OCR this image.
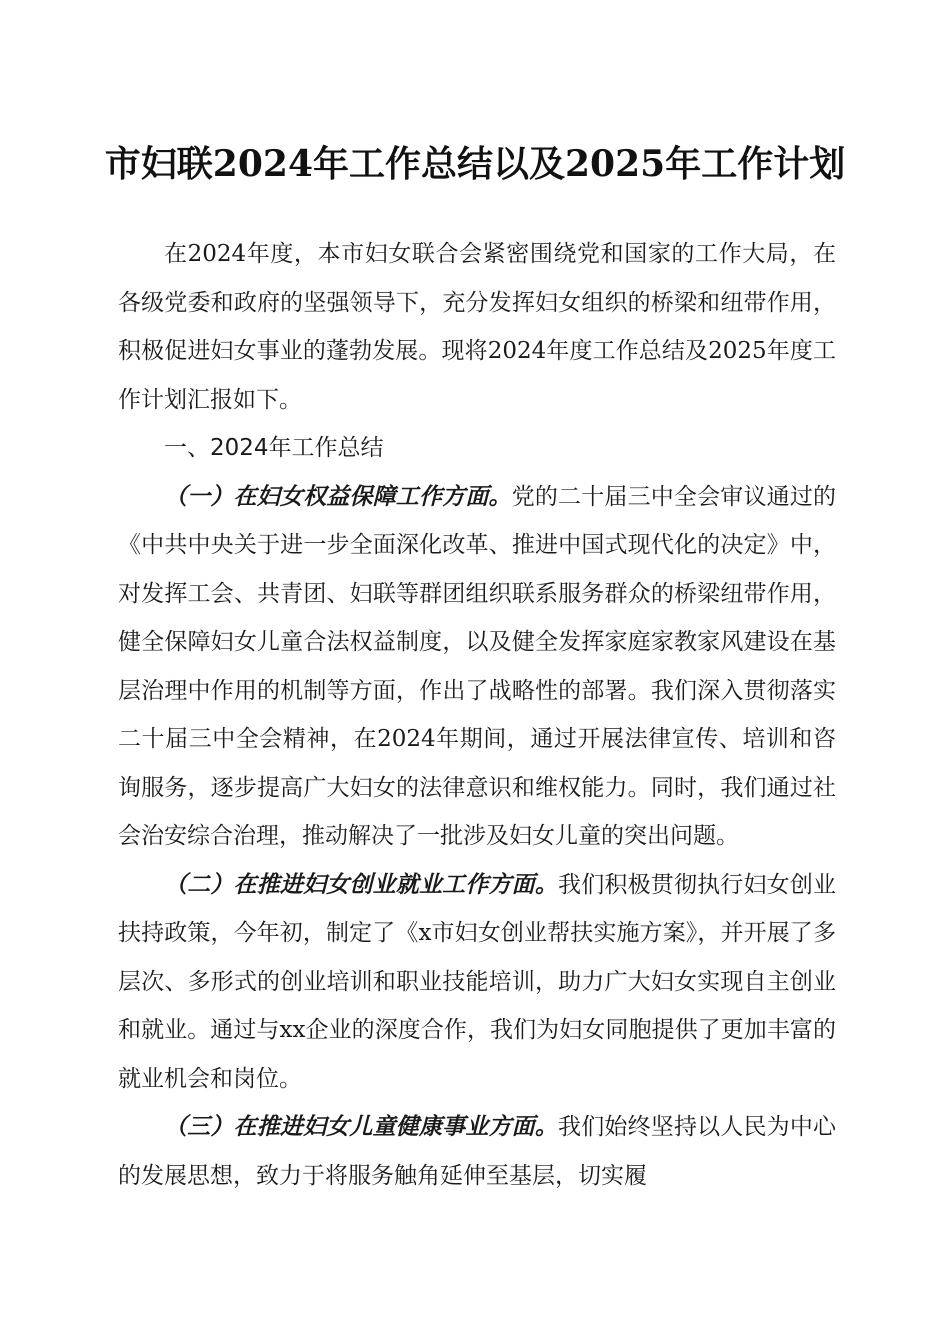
市妇联2024年工作总结以及2025年工作计划

在2024年度，本市妇女联合会紧密围绕党和国家的工作大局，在各级党委和政府的坚强领导下，充分发挥妇女组织的桥梁和纽带作用，积极促进妇女事业的蓬勃发展。现将2024年度工作总结及2025年度工作计划汇报如下。

一、2024年工作总结

（一）在妇女权益保障工作方面。党的二十届三中全会审议通过的《中共中央关于进一步全面深化改革、推进中国式现代化的决定》中，对发挥工会、共青团、妇联等群团组织联系服务群众的桥梁纽带作用，健全保障妇女儿童合法权益制度，以及健全发挥家庭家教家风建设在基层治理中作用的机制等方面，作出了战略性的部署。我们深入贯彻落实二十届三中全会精神，在2024年期间，通过开展法律宣传、培训和咨询服务，逐步提高广大妇女的法律意识和维权能力。同时，我们通过社会治安综合治理，推动解决了一批涉及妇女儿童的突出问题。

（二）在推进妇女创业就业工作方面。我们积极贯彻执行妇女创业扶持政策，今年初，制定了《x市妇女创业帮扶实施方案》，并开展了多层次、多形式的创业培训和职业技能培训，助力广大妇女实现自主创业和就业。通过与xx企业的深度合作，我们为妇女同胞提供了更加丰富的就业机会和岗位。

（三）在推进妇女儿童健康事业方面。我们始终坚持以人民为中心的发展思想，致力于将服务触角延伸至基层，切实履
